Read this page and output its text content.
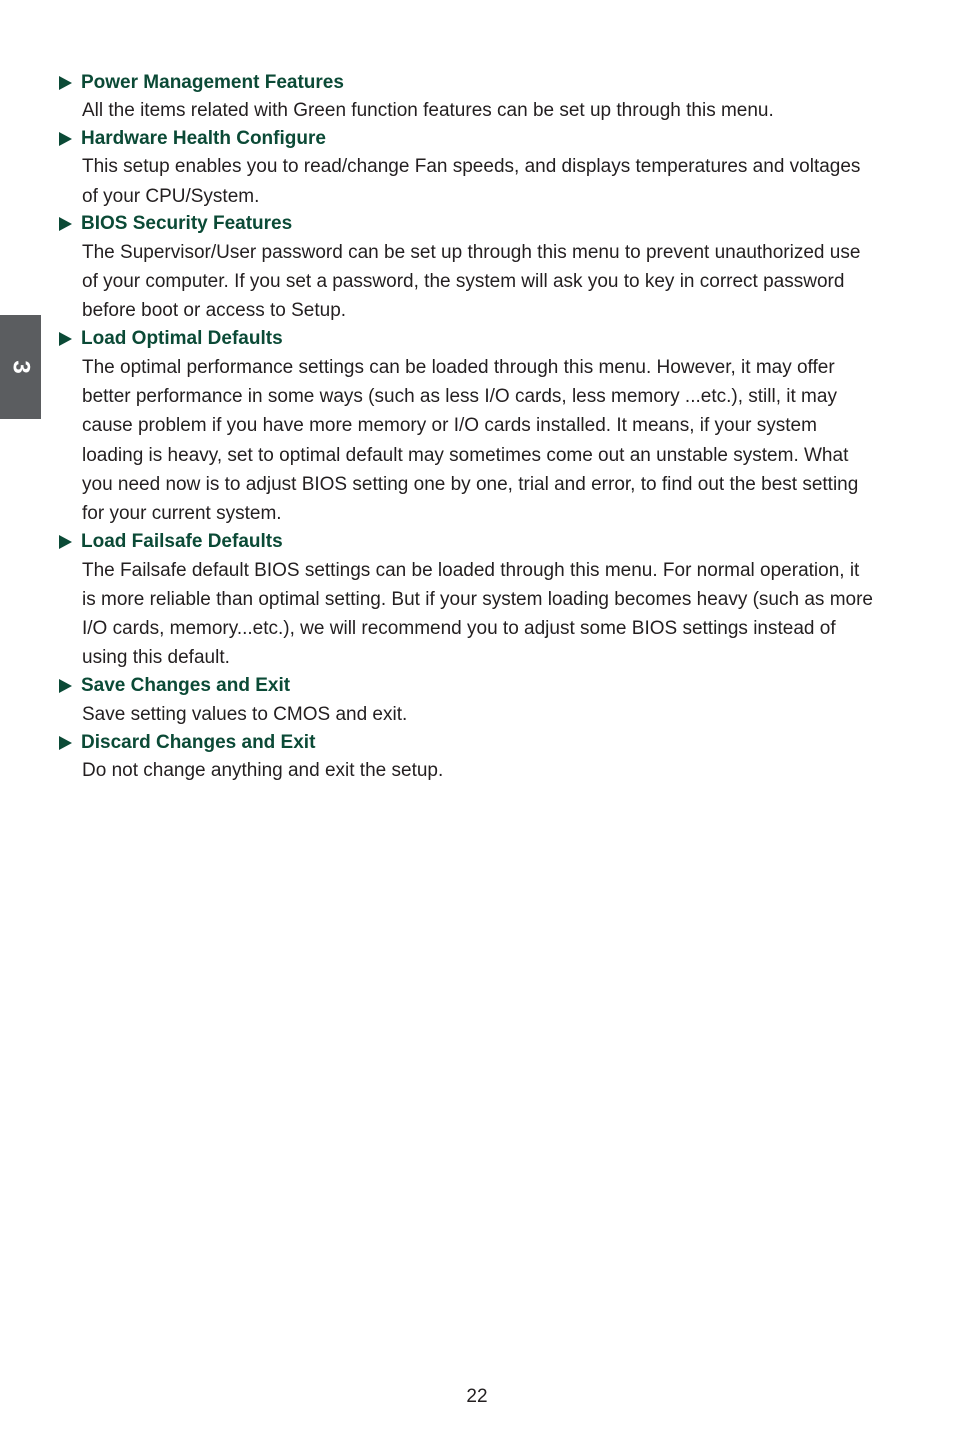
3
Power Management Features

All the items related with Green function features can be set up through this menu.

Hardware Health Configure

This setup enables you to read/change Fan speeds, and displays temperatures and voltages
of your CPU/System.

BIOS Security Features

The Supervisor/User password can be set up through this menu to prevent unauthorized use
of your computer. If you set a password, the system will ask you to key in correct password
before boot or access to Setup.

Load Optimal Defaults

The optimal performance settings can be loaded through this menu. However, it may offer
better performance in some ways (such as less I/O cards, less memory ...etc.), still, it may
cause problem if you have more memory or I/O cards installed. It means, if your system
loading is heavy, set to optimal default may sometimes come out an unstable system. What
you need now is to adjust BIOS setting one by one, trial and error, to find out the best setting
for your current system.

Load Failsafe Defaults

The Failsafe default BIOS settings can be loaded through this menu. For normal operation, it
is more reliable than optimal setting. But if your system loading becomes heavy (such as more
I/O cards, memory...etc.), we will recommend you to adjust some BIOS settings instead of
using this default.

Save Changes and Exit

Save setting values to CMOS and exit.

Discard Changes and Exit

Do not change anything and exit the setup.

22
